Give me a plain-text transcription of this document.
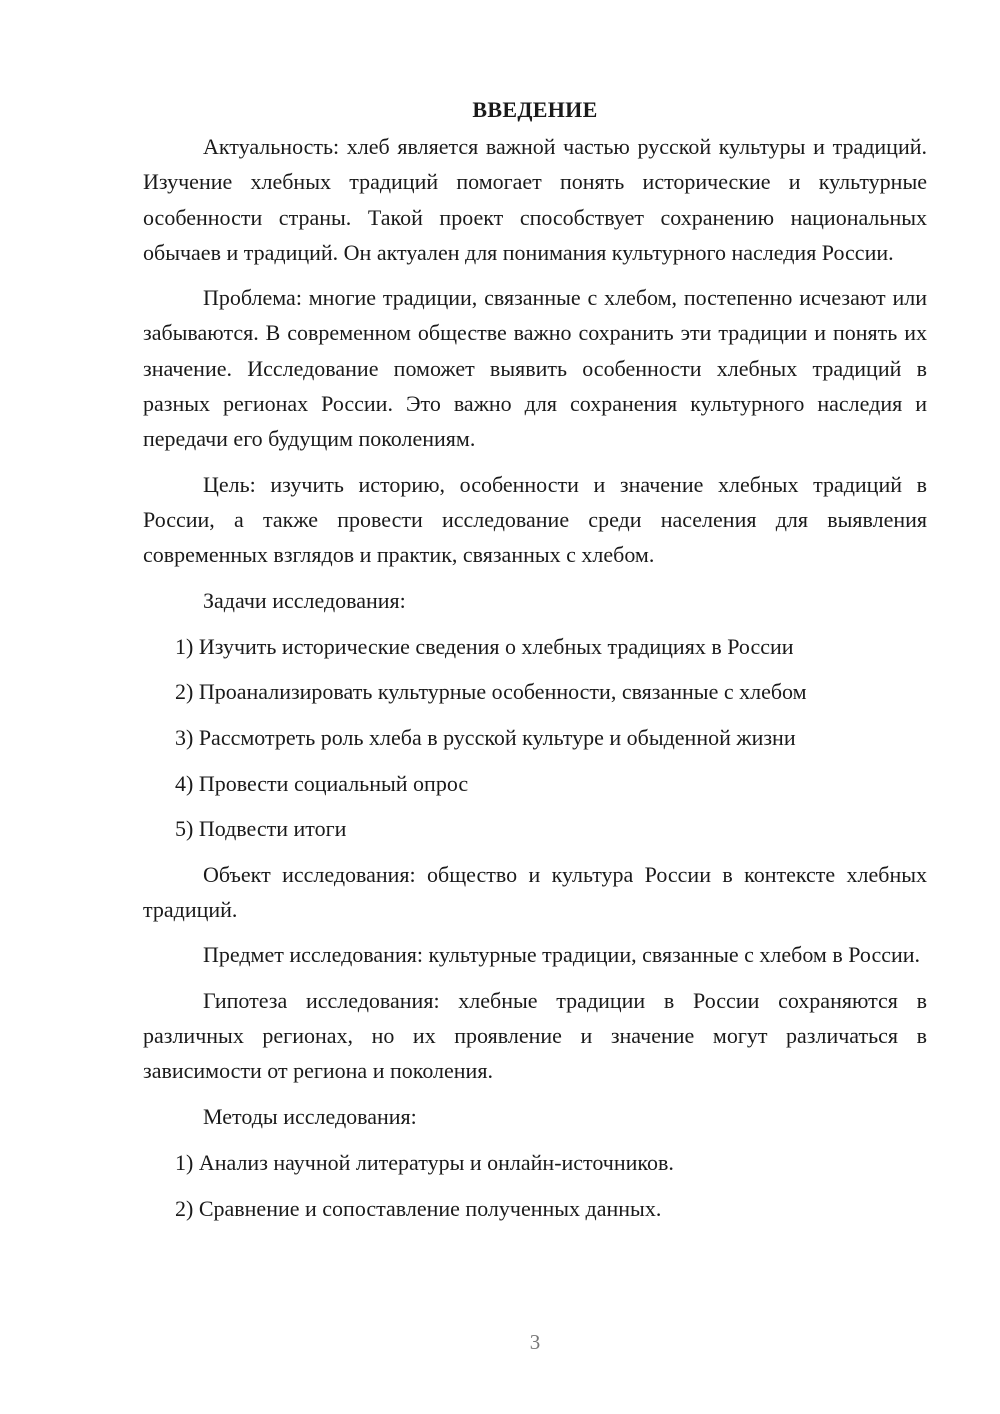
ВВЕДЕНИЕ

Актуальность: хлеб является важной частью русской культуры и традиций. Изучение хлебных традиций помогает понять исторические и культурные особенности страны. Такой проект способствует сохранению национальных обычаев и традиций. Он актуален для понимания культурного наследия России.

Проблема: многие традиции, связанные с хлебом, постепенно исчезают или забываются. В современном обществе важно сохранить эти традиции и понять их значение. Исследование поможет выявить особенности хлебных традиций в разных регионах России. Это важно для сохранения культурного наследия и передачи его будущим поколениям.

Цель: изучить историю, особенности и значение хлебных традиций в России, а также провести исследование среди населения для выявления современных взглядов и практик, связанных с хлебом.

Задачи исследования:

1) Изучить исторические сведения о хлебных традициях в России
2) Проанализировать культурные особенности, связанные с хлебом
3) Рассмотреть роль хлеба в русской культуре и обыденной жизни
4) Провести социальный опрос
5) Подвести итоги

Объект исследования: общество и культура России в контексте хлебных традиций.

Предмет исследования: культурные традиции, связанные с хлебом в России.

Гипотеза исследования: хлебные традиции в России сохраняются в различных регионах, но их проявление и значение могут различаться в зависимости от региона и поколения.

Методы исследования:

1) Анализ научной литературы и онлайн-источников.
2) Сравнение и сопоставление полученных данных.
3
